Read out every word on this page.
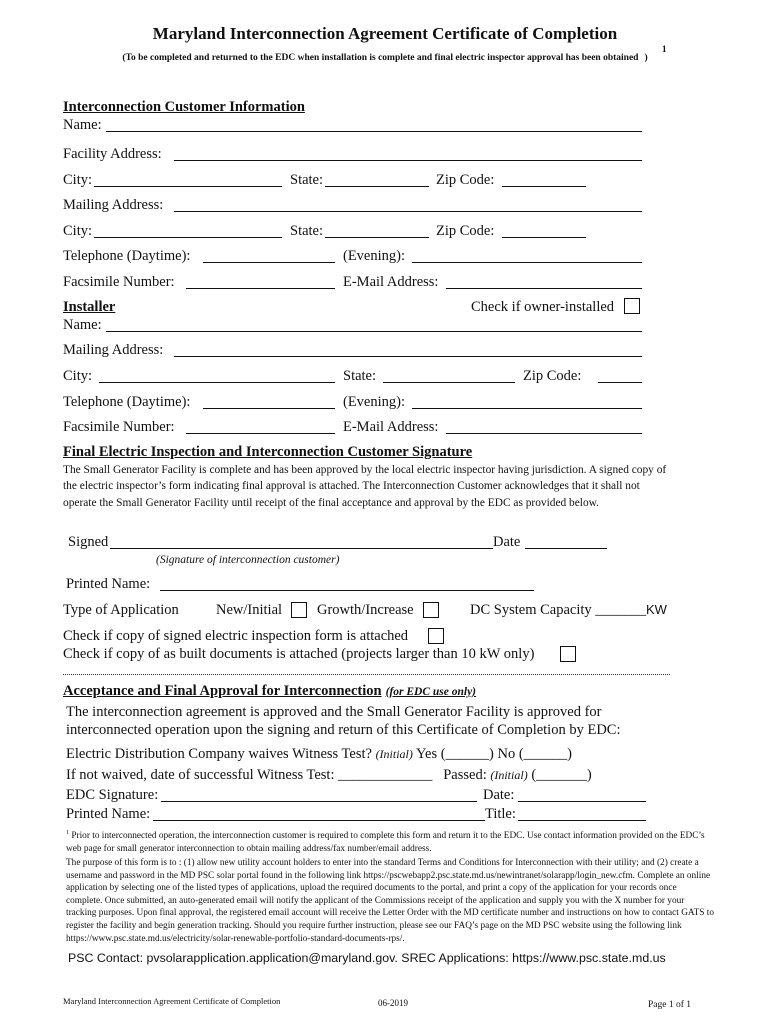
Maryland Interconnection Agreement Certificate of Completion
1
(To be completed and returned to the EDC when installation is complete and final electric inspector approval has been obtained )
Interconnection Customer Information
Name:
Facility Address:
City:	State:	Zip Code:
Mailing Address:
City:	State:	Zip Code:
Telephone (Daytime):	(Evening):
Facsimile Number:	E-Mail Address:
Installer	Check if owner-installed
Name:
Mailing Address:
City:	State:	Zip Code:
Telephone (Daytime):	(Evening):
Facsimile Number:	E-Mail Address:
Final Electric Inspection and Interconnection Customer Signature
The Small Generator Facility is complete and has been approved by the local electric inspector having jurisdiction. A signed copy of the electric inspector’s form indicating final approval is attached. The Interconnection Customer acknowledges that it shall not operate the Small Generator Facility until receipt of the final acceptance and approval by the EDC as provided below.
Signed	Date
(Signature of interconnection customer)
Printed Name:
Type of Application	New/Initial Growth/Increase	DC System Capacity _______KW
Check if copy of signed electric inspection form is attached
Check if copy of as built documents is attached (projects larger than 10 kW only)
Acceptance and Final Approval for Interconnection (for EDC use only)
The interconnection agreement is approved and the Small Generator Facility is approved for
interconnected operation upon the signing and return of this Certificate of Completion by EDC:
Electric Distribution Company waives Witness Test? (Initial) Yes (______) No (______)
If not waived, date of successful Witness Test: _____________ Passed: (Initial) (_______)
EDC Signature:	Date:
Printed Name:	Title:
$^1$ Prior to interconnected operation, the interconnection customer is required to complete this form and return it to the EDC. Use contact information provided on the EDC’s web page for small generator interconnection to obtain mailing address/fax number/email address.
The purpose of this form is to : (1) allow new utility account holders to enter into the standard Terms and Conditions for Interconnection with their utility; and (2) create a username and password in the MD PSC solar portal found in the following link https://pscwebapp2.psc.state.md.us/newintranet/solarapp/login_new.cfm. Complete an online application by selecting one of the listed types of applications, upload the required documents to the portal, and print a copy of the application for your records once complete. Once submitted, an auto-generated email will notify the applicant of the Commissions receipt of the application and supply you with the X number for your tracking purposes. Upon final approval, the registered email account will receive the Letter Order with the MD certificate number and instructions on how to contact GATS to register the facility and begin generation tracking. Should you require further instruction, please see our FAQ’s page on the MD PSC website using the following link https://www.psc.state.md.us/electricity/solar-renewable-portfolio-standard-documents-rps/.
PSC Contact: pvsolarapplication.application@maryland.gov. SREC Applications: https://www.psc.state.md.us
Maryland Interconnection Agreement Certificate of Completion	06-2019	Page 1 of 1
